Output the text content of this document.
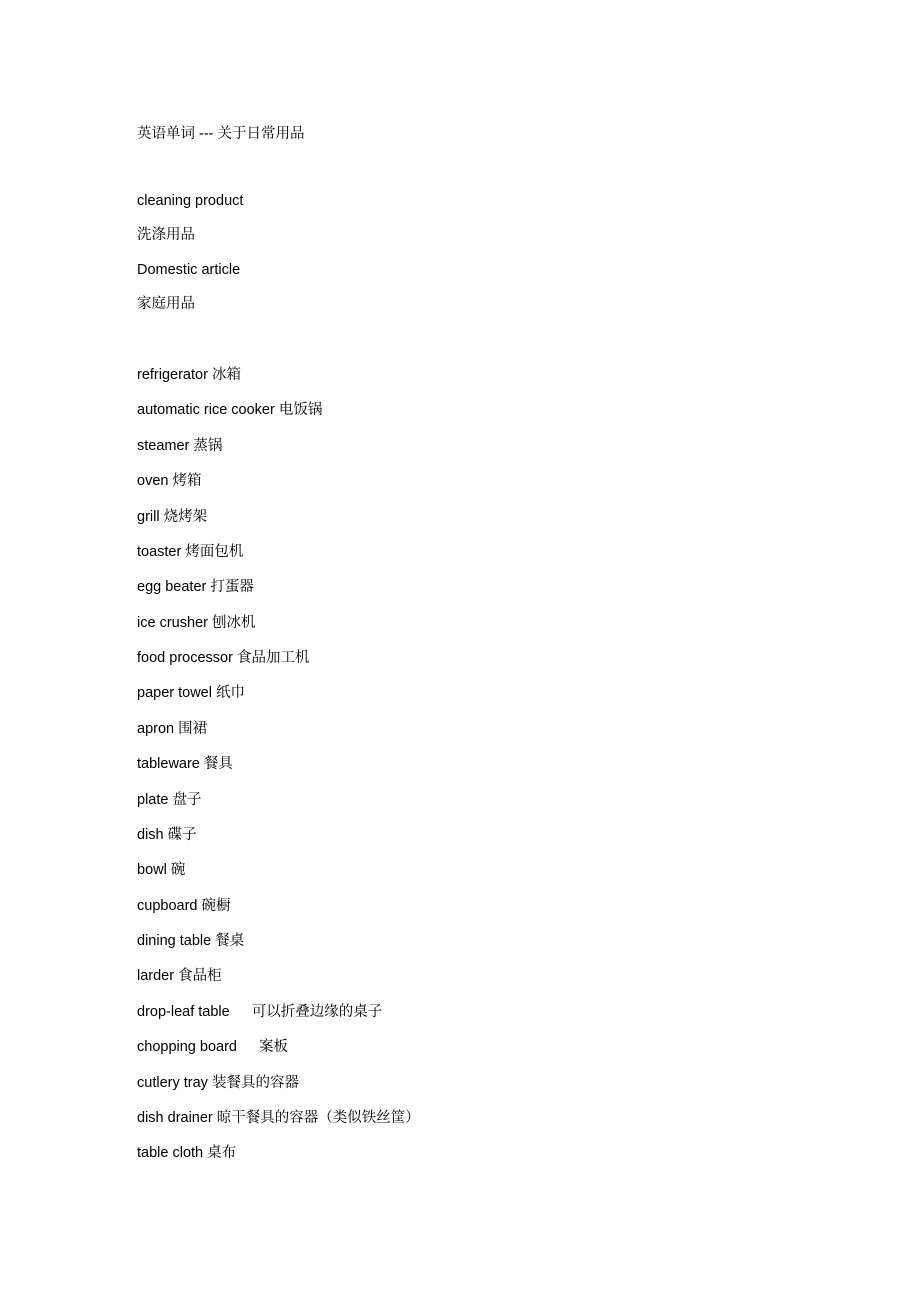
英语单词 --- 关于日常用品
cleaning product
洗涤用品
Domestic article
家庭用品
refrigerator 冰箱
automatic rice cooker 电饭锅
steamer 蒸锅
oven 烤箱
grill 烧烤架
toaster 烤面包机
egg beater 打蛋器
ice crusher 刨冰机
food processor 食品加工机
paper towel 纸巾
apron 围裙
tableware 餐具
plate 盘子
dish 碟子
bowl 碗
cupboard 碗橱
dining table 餐桌
larder 食品柜
drop-leaf table 可以折叠边缘的桌子
chopping board 案板
cutlery tray 装餐具的容器
dish drainer 晾干餐具的容器（类似铁丝筐）
table cloth 桌布
